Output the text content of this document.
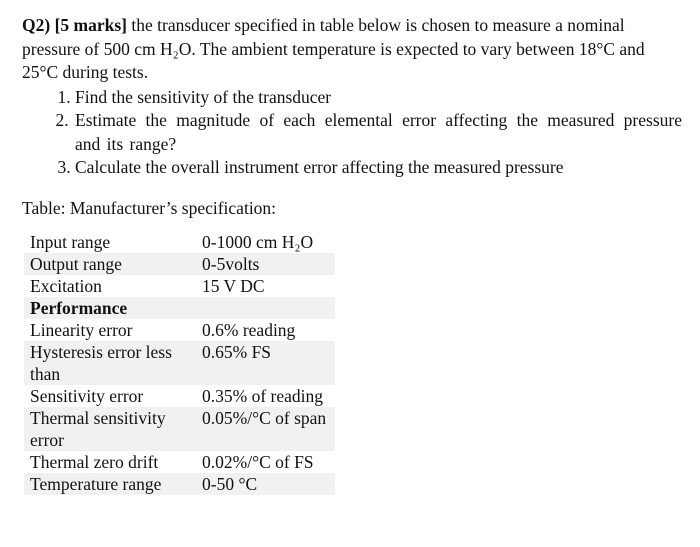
Q2) [5 marks] the transducer specified in table below is chosen to measure a nominal pressure of 500 cm H₂O. The ambient temperature is expected to vary between 18°C and 25°C during tests.

1. Find the sensitivity of the transducer
2. Estimate the magnitude of each elemental error affecting the measured pressure and its range?
3. Calculate the overall instrument error affecting the measured pressure
Table: Manufacturer’s specification:
Input range	0-1000 cm H₂O
Output range	0-5volts
Excitation	15 V DC
Performance	
Linearity error	0.6% reading
Hysteresis error less than	0.65% FS
Sensitivity error	0.35% of reading
Thermal sensitivity error	0.05%/°C of span
Thermal zero drift	0.02%/°C of FS
Temperature range	0-50 °C
